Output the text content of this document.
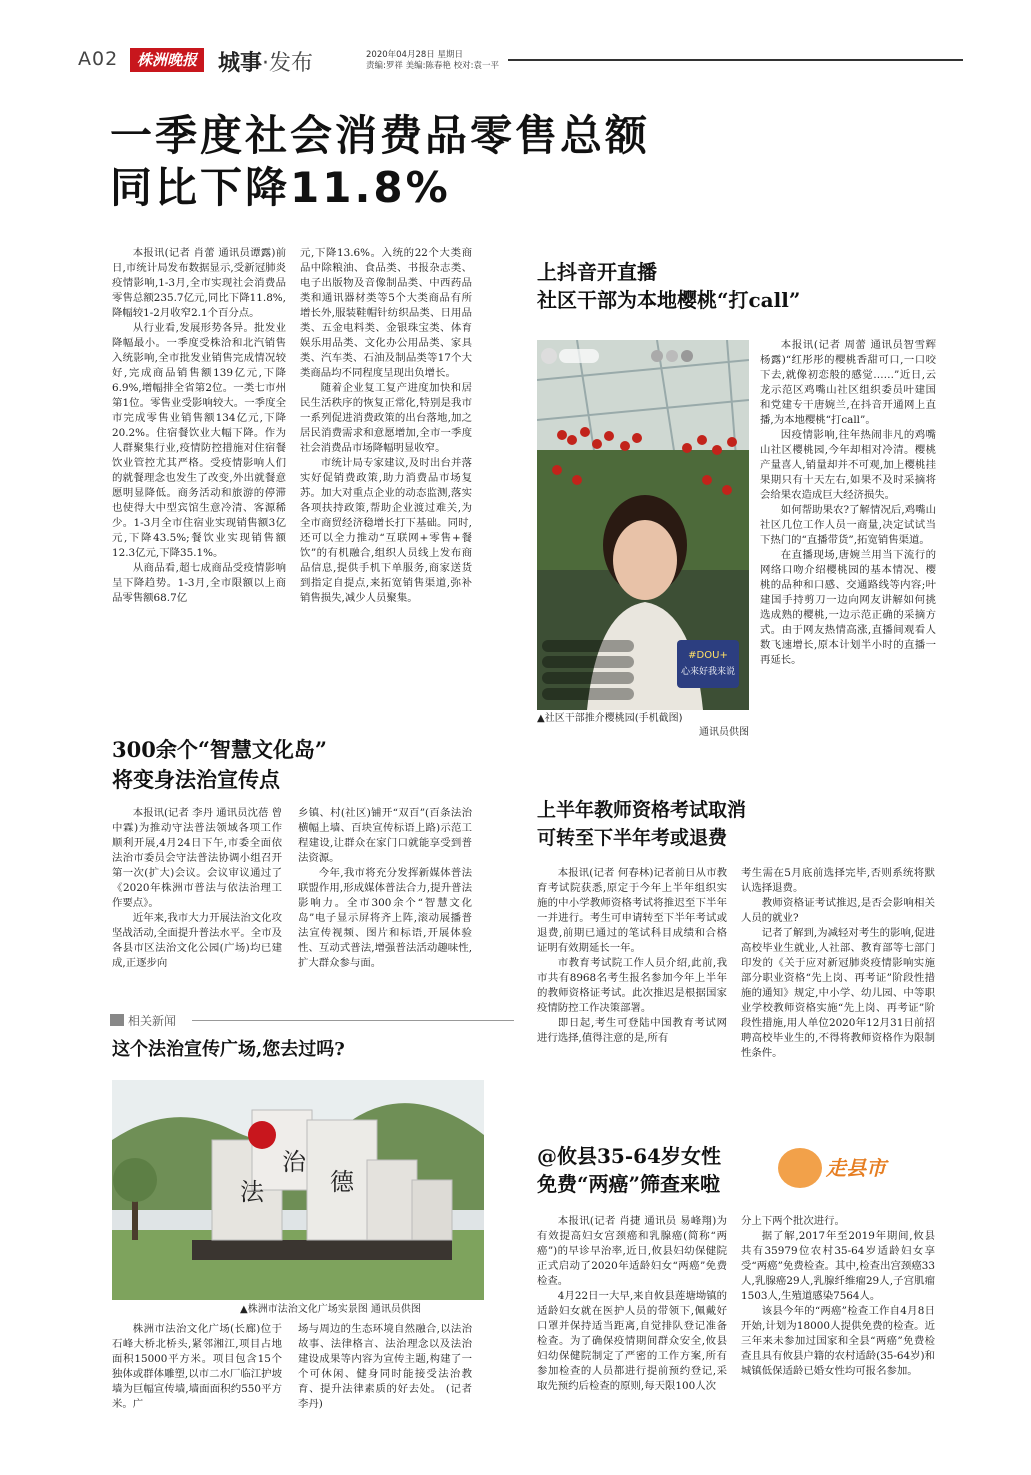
A02	株洲晚报 城事·发布	2020年04月28日 星期日
责编:罗祥 美编:陈春艳 校对:袁一平
一季度社会消费品零售总额
同比下降11.8%

本报讯(记者 肖蕾 通讯员谭露)前日,市统计局发布数据显示,受新冠肺炎疫情影响,1-3月,全市实现社会消费品零售总额235.7亿元,同比下降11.8%,降幅较1-2月收窄2.1个百分点。

从行业看,发展形势各异。批发业降幅最小。一季度受株洽和北汽销售入统影响,全市批发业销售完成情况较好,完成商品销售额139亿元,下降6.9%,增幅排全省第2位。一类七市州第1位。零售业受影响较大。一季度全市完成零售业销售额134亿元,下降20.2%。住宿餐饮业大幅下降。作为人群聚集行业,疫情防控措施对住宿餐饮业管控尤其严格。受疫情影响人们的就餐理念也发生了改变,外出就餐意愿明显降低。商务活动和旅游的停滞也使得大中型宾馆生意冷清、客源稀少。1-3月全市住宿业实现销售额3亿元,下降43.5%;餐饮业实现销售额12.3亿元,下降35.1%。

从商品看,超七成商品受疫情影响呈下降趋势。1-3月,全市限额以上商品零售额68.7亿

元,下降13.6%。入统的22个大类商品中除粮油、食品类、书报杂志类、电子出版物及音像制品类、中西药品类和通讯器材类等5个大类商品有所增长外,服装鞋帽针纺织品类、日用品类、五金电料类、金银珠宝类、体育娱乐用品类、文化办公用品类、家具类、汽车类、石油及制品类等17个大类商品均不同程度呈现出负增长。

随着企业复工复产进度加快和居民生活秩序的恢复正常化,特别是我市一系列促进消费政策的出台落地,加之居民消费需求和意愿增加,全市一季度社会消费品市场降幅明显收窄。

市统计局专家建议,及时出台并落实好促销费政策,助力消费品市场复苏。加大对重点企业的动态监测,落实各项扶持政策,帮助企业渡过难关,为全市商贸经济稳增长打下基础。同时,还可以全力推动“互联网+零售+餐饮”的有机融合,组织人员线上发布商品信息,提供手机下单服务,商家送货到指定自提点,来拓宽销售渠道,弥补销售损失,减少人员聚集。

上抖音开直播
社区干部为本地樱桃“打call”
#DOU+
心来好我来说
▲社区干部推介樱桃园(手机截图)
通讯员供图

本报讯(记者 周蕾 通讯员智雪辉 杨露)“红彤彤的樱桃香甜可口,一口咬下去,就像初恋般的感觉……”近日,云龙示范区鸡嘴山社区组织委员叶建国和党建专干唐婉兰,在抖音开通网上直播,为本地樱桃“打call”。

因疫情影响,往年热闹非凡的鸡嘴山社区樱桃园,今年却相对冷清。樱桃产量喜人,销量却并不可观,加上樱桃挂果期只有十天左右,如果不及时采摘将会给果农造成巨大经济损失。

如何帮助果农?了解情况后,鸡嘴山社区几位工作人员一商量,决定试试当下热门的“直播带货”,拓宽销售渠道。

在直播现场,唐婉兰用当下流行的网络口吻介绍樱桃园的基本情况、樱桃的品种和口感、交通路线等内容;叶建国手持剪刀一边向网友讲解如何挑选成熟的樱桃,一边示范正确的采摘方式。由于网友热情高涨,直播间观看人数飞速增长,原本计划半小时的直播一再延长。

300余个“智慧文化岛”
将变身法治宣传点

本报讯(记者 李丹 通讯员沈蓓 曾中霖)为推动守法普法领域各项工作顺利开展,4月24日下午,市委全面依法治市委员会守法普法协调小组召开第一次(扩大)会议。会议审议通过了《2020年株洲市普法与依法治理工作要点》。

近年来,我市大力开展法治文化攻坚战活动,全面提升普法水平。全市及各县市区法治文化公园(广场)均已建成,正逐步向

乡镇、村(社区)铺开“双百”(百条法治横幅上墙、百块宣传标语上路)示范工程建设,让群众在家门口就能享受到普法资源。

今年,我市将充分发挥新媒体普法联盟作用,形成媒体普法合力,提升普法影响力。全市300余个“智慧文化岛”电子显示屏将齐上阵,滚动展播普法宣传视频、图片和标语,开展体验性、互动式普法,增强普法活动趣味性,扩大群众参与面。

相关新闻
这个法治宣传广场,您去过吗?
法
治
德
▲株洲市法治文化广场实景图 通讯员供图

株洲市法治文化广场(长廊)位于石峰大桥北桥头,紧邻湘江,项目占地面积15000平方米。项目包含15个独体或群体雕塑,以市二水厂临江护坡墙为巨幅宣传墙,墙面面积约550平方米。广

场与周边的生态环境自然融合,以法治故事、法律格言、法治理念以及法治建设成果等内容为宣传主题,构建了一个可休闲、健身同时能接受法治教育、提升法律素质的好去处。 (记者 李丹)

上半年教师资格考试取消
可转至下半年考或退费

本报讯(记者 何春林)记者前日从市教育考试院获悉,原定于今年上半年组织实施的中小学教师资格考试将推迟至下半年一并进行。考生可申请转至下半年考试或退费,前期已通过的笔试科目成绩和合格证明有效期延长一年。

市教育考试院工作人员介绍,此前,我市共有8968名考生报名参加今年上半年的教师资格证考试。此次推迟是根据国家疫情防控工作决策部署。

即日起,考生可登陆中国教育考试网进行选择,值得注意的是,所有

考生需在5月底前选择完毕,否则系统将默认选择退费。

教师资格证考试推迟,是否会影响相关人员的就业?

记者了解到,为减轻对考生的影响,促进高校毕业生就业,人社部、教育部等七部门印发的《关于应对新冠肺炎疫情影响实施部分职业资格“先上岗、再考证”阶段性措施的通知》规定,中小学、幼儿园、中等职业学校教师资格实施“先上岗、再考证”阶段性措施,用人单位2020年12月31日前招聘高校毕业生的,不得将教师资格作为限制性条件。

@攸县35-64岁女性
免费“两癌”筛查来啦
走县市

本报讯(记者 肖捷 通讯员 易峰翔)为有效提高妇女宫颈癌和乳腺癌(简称“两癌”)的早诊早治率,近日,攸县妇幼保健院正式启动了2020年适龄妇女“两癌”免费检查。

4月22日一大早,来自攸县莲塘坳镇的适龄妇女就在医护人员的带领下,佩戴好口罩并保持适当距离,自觉排队登记准备检查。为了确保疫情期间群众安全,攸县妇幼保健院制定了严密的工作方案,所有参加检查的人员都进行提前预约登记,采取先预约后检查的原则,每天限100人次

分上下两个批次进行。

据了解,2017年至2019年期间,攸县共有35979位农村35-64岁适龄妇女享受“两癌”免费检查。其中,检查出宫颈癌33人,乳腺癌29人,乳腺纤维瘤29人,子宫肌瘤1503人,生殖道感染7564人。

该县今年的“两癌”检查工作自4月8日开始,计划为18000人提供免费的检查。近三年来未参加过国家和全县“两癌”免费检查且具有攸县户籍的农村适龄(35-64岁)和城镇低保适龄已婚女性均可报名参加。
